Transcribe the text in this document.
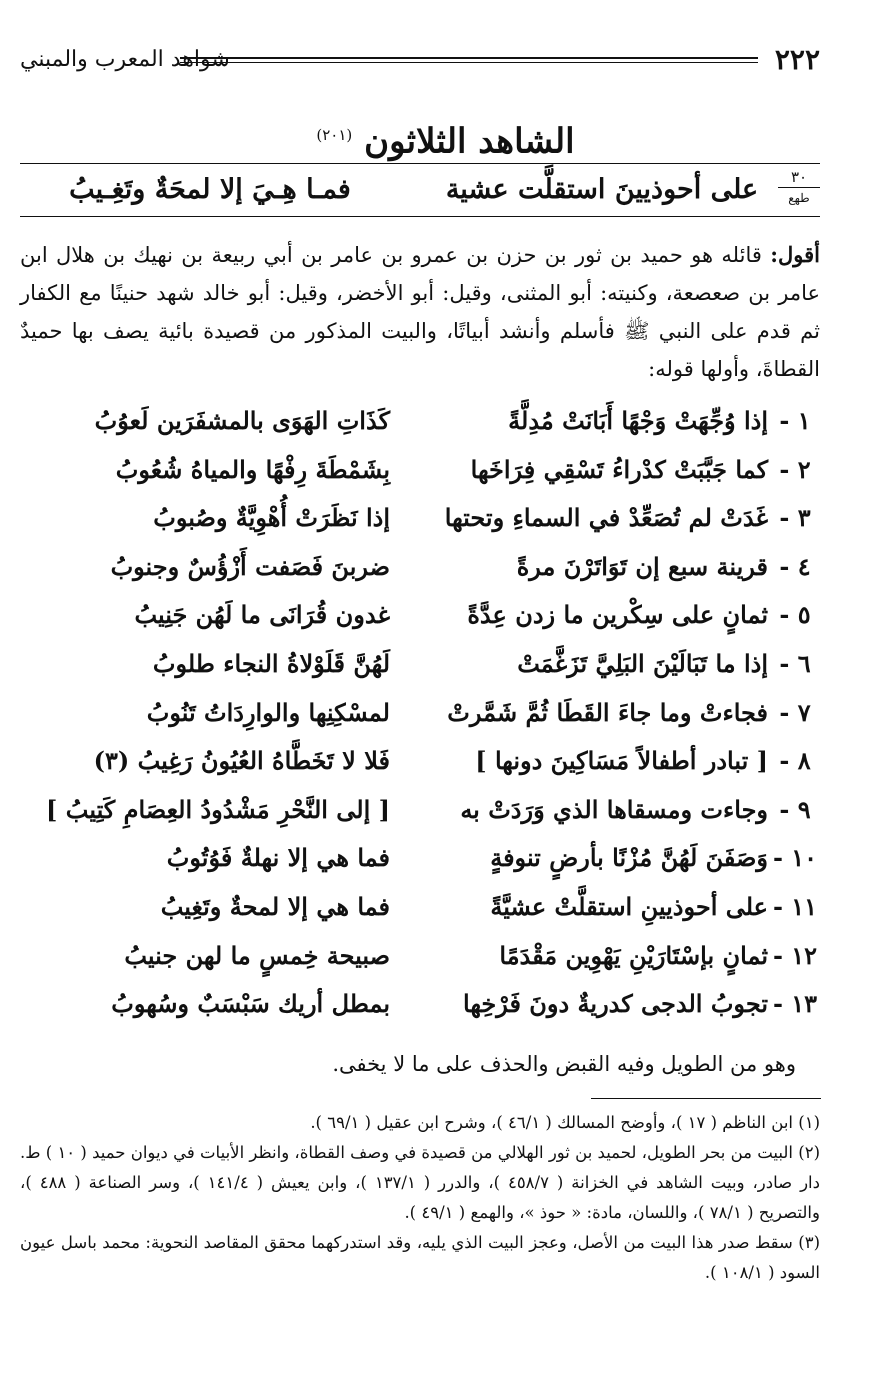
٢٢٢
شواهد المعرب والمبني
الشاهد الثلاثون $^{(٢٠١)}$
٣٠
طهع
على أحوذيينَ استقلَّت عشية
فمـا هِـيَ إلا لمحَةٌ وتَغِـيبُ
أقول: قائله هو حميد بن ثور بن حزن بن عمرو بن عامر بن أبي ربيعة بن نهيك بن هلال ابن عامر بن صعصعة، وكنيته: أبو المثنى، وقيل: أبو الأخضر، وقيل: أبو خالد شهد حنينًا مع الكفار ثم قدم على النبي ﷺ فأسلم وأنشد أبياتًا، والبيت المذكور من قصيدة بائية يصف بها حميدٌ القطاةَ، وأولها قوله:
١ -
إذا وُجِّهَتْ وَجْهًا أَبَانَتْ مُدِلَّةً
كَذَاتِ الهَوَى بالمشفَرَين لَعوُبُ
٢ -
كما جَبَّبَتْ كدْراءُ تَسْقِي فِرَاخَها
بِشَمْطَةَ رِفْهًا والمياهُ شُعُوبُ
٣ -
غَدَتْ لم تُصَعِّدْ في السماءِ وتحتها
إذا نَظَرَتْ أُهْوِيَّةٌ وصُبوبُ
٤ -
قرينة سبع إن تَوَاتَرْنَ مرةً
ضربنَ فَصَفت أَزْؤُسٌ وجنوبُ
٥ -
ثمانٍ على سِكْرين ما زدن عِدَّةً
غدون قُرَانَى ما لَهُن جَنِيبُ
٦ -
إذا ما تَبَالَيْنَ البَلِيَّ تَزَغَّمَتْ
لَهُنَّ قَلَوْلاةُ النجاء طلوبُ
٧ -
فجاءتْ وما جاءَ القَطَا ثُمَّ شَمَّرتْ
لمسْكِنِها والوارِدَاتُ تَنُوبُ
٨ -
[ تبادر أطفالاً مَسَاكِينَ دونها ]
فَلا لا تَخَطَّاهُ العُيُونُ رَغِيبُ (٣)
٩ -
وجاءت ومسقاها الذي وَرَدَتْ به
[ إلى النَّحْرِ مَشْدُودُ العِصَامِ كَتِيبُ ]
١٠ -
وَصَفَنَ لَهُنَّ مُزْنًا بأرضٍ تنوفةٍ
فما هي إلا نهلةٌ فَوُتُوبُ
١١ -
على أحوذيينِ استقلَّتْ عشيَّةً
فما هي إلا لمحةٌ وتَغِيبُ
١٢ -
ثمانٍ بإسْتَارَيْنِ يَهْوِين مَقْدَمًا
صبيحة خِمسٍ ما لهن جنيبُ
١٣ -
تجوبُ الدجى كدريةٌ دونَ فَرْخِها
بمطل أريك سَبْسَبٌ وسُهوبُ
وهو من الطويل وفيه القبض والحذف على ما لا يخفى.

(١) ابن الناظم ( ١٧ )، وأوضح المسالك ( ٤٦/١ )، وشرح ابن عقيل ( ٦٩/١ ).

(٢) البيت من بحر الطويل، لحميد بن ثور الهلالي من قصيدة في وصف القطاة، وانظر الأبيات في ديوان حميد ( ١٠ ) ط. دار صادر، وبيت الشاهد في الخزانة ( ٤٥٨/٧ )، والدرر ( ١٣٧/١ )، وابن يعيش ( ١٤١/٤ )، وسر الصناعة ( ٤٨٨ )، والتصريح ( ٧٨/١ )، واللسان، مادة: « حوذ »، والهمع ( ٤٩/١ ).

(٣) سقط صدر هذا البيت من الأصل، وعجز البيت الذي يليه، وقد استدركهما محقق المقاصد النحوية: محمد باسل عيون السود ( ١٠٨/١ ).
